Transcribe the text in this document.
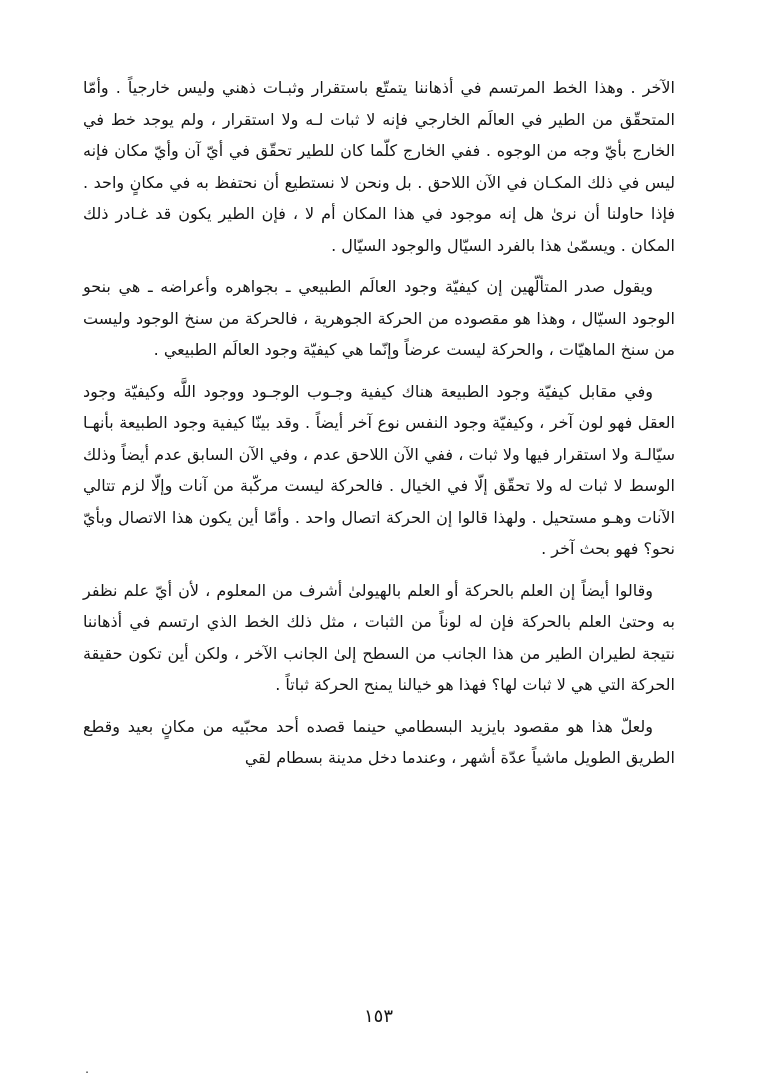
الآخر . وهذا الخط المرتسم في أذهاننا يتمتّع باستقرار وثبـات ذهني وليس خارجياً . وأمّا المتحقّق من الطير في العالَم الخارجي فإنه لا ثبات لـه ولا استقرار ، ولم يوجد خط في الخارج بأيّ وجه من الوجوه . ففي الخارج كلّما كان للطير تحقّق في أيّ آن وأيّ مكان فإنه ليس في ذلك المكـان في الآن اللاحق . بل ونحن لا نستطيع أن نحتفظ به في مكانٍ واحد . فإذا حاولنا أن نرىٰ هل إنه موجود في هذا المكان أم لا ، فإن الطير يكون قد غـادر ذلك المكان . ويسمّىٰ هذا بالفرد السيّال والوجود السيّال .

ويقول صدر المتألّهين إن كيفيّة وجود العالَم الطبيعي ـ بجواهره وأعراضه ـ هي بنحو الوجود السيّال ، وهذا هو مقصوده من الحركة الجوهرية ، فالحركة من سنخ الوجود وليست من سنخ الماهيّات ، والحركة ليست عرضاً وإنّما هي كيفيّة وجود العالَم الطبيعي .

وفي مقابل كيفيّة وجود الطبيعة هناك كيفية وجـوب الوجـود ووجود اللَّه وكيفيّة وجود العقل فهو لون آخر ، وكيفيّة وجود النفس نوع آخر أيضاً . وقد بينّا كيفية وجود الطبيعة بأنهـا سيّالـة ولا استقرار فيها ولا ثبات ، ففي الآن اللاحق عدم ، وفي الآن السابق عدم أيضاً وذلك الوسط لا ثبات له ولا تحقّق إلّا في الخيال . فالحركة ليست مركّبة من آنات وإلّا لزم تتالي الآنات وهـو مستحيل . ولهذا قالوا إن الحركة اتصال واحد . وأمّا أين يكون هذا الاتصال وبأيّ نحو؟ فهو بحث آخر .

وقالوا أيضاً إن العلم بالحركة أو العلم بالهيولىٰ أشرف من المعلوم ، لأن أيّ علم نظفر به وحتىٰ العلم بالحركة فإن له لوناً من الثبات ، مثل ذلك الخط الذي ارتسم في أذهاننا نتيجة لطيران الطير من هذا الجانب من السطح إلىٰ الجانب الآخر ، ولكن أين تكون حقيقة الحركة التي هي لا ثبات لها؟ فهذا هو خيالنا يمنح الحركة ثباتاً .

ولعلّ هذا هو مقصود بايزيد البسطامي حينما قصده أحد محبّيه من مكانٍ بعيد وقطع الطريق الطويل ماشياً عدّة أشهر ، وعندما دخل مدينة بسطام لقي

١٥٣
.
